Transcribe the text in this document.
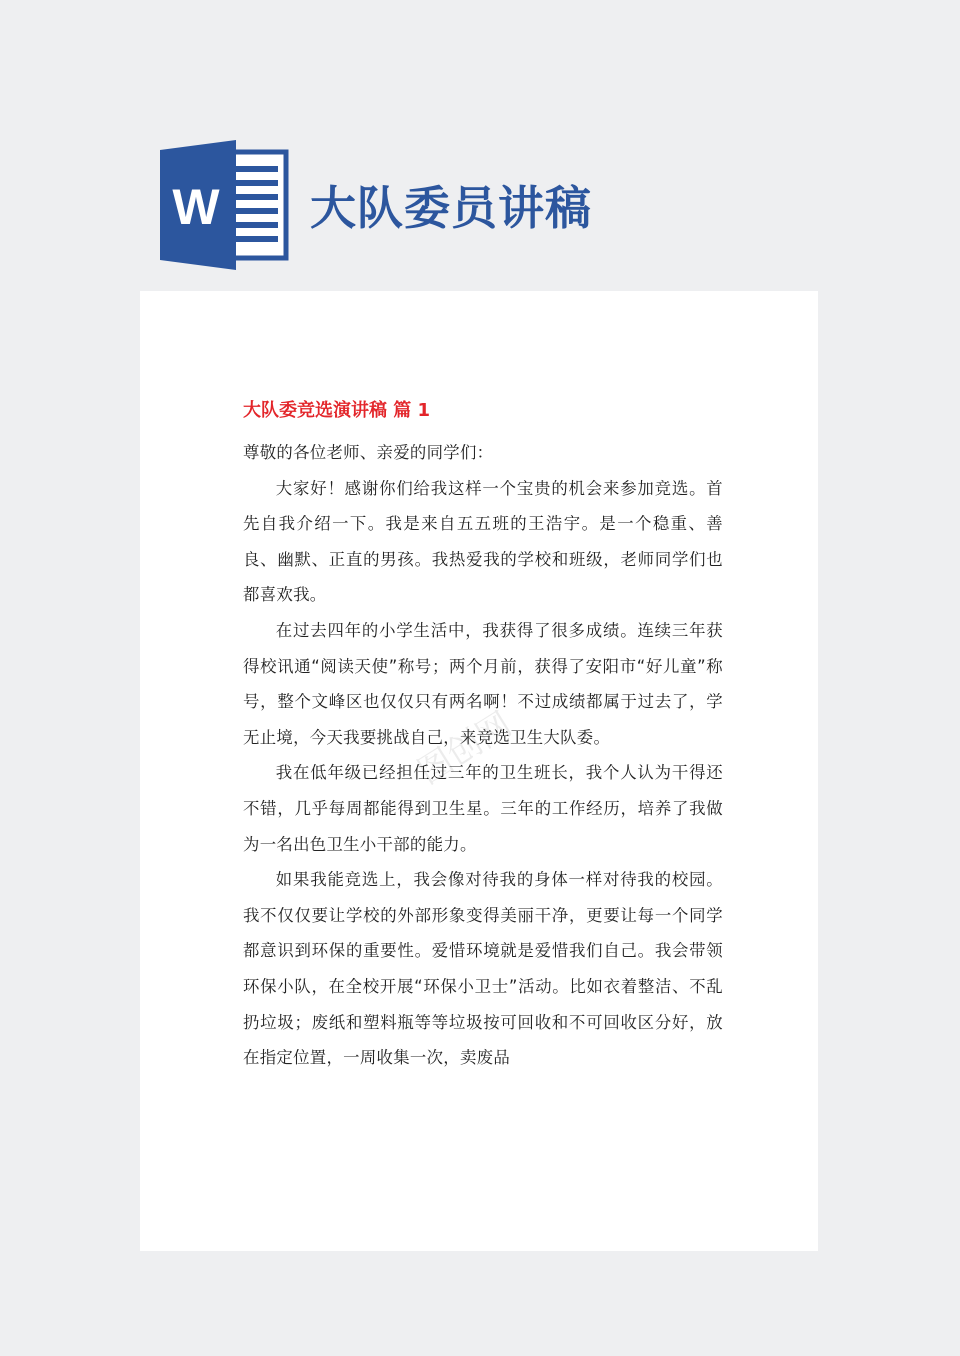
W 大队委员讲稿
图创网
大队委竞选演讲稿 篇 1

尊敬的各位老师、亲爱的同学们：

大家好！感谢你们给我这样一个宝贵的机会来参加竞选。首先自我介绍一下。我是来自五五班的王浩宇。是一个稳重、善良、幽默、正直的男孩。我热爱我的学校和班级，老师同学们也都喜欢我。

在过去四年的小学生活中，我获得了很多成绩。连续三年获得校讯通“阅读天使”称号；两个月前，获得了安阳市“好儿童”称号，整个文峰区也仅仅只有两名啊！不过成绩都属于过去了，学无止境，今天我要挑战自己，来竞选卫生大队委。

我在低年级已经担任过三年的卫生班长，我个人认为干得还不错，几乎每周都能得到卫生星。三年的工作经历，培养了我做为一名出色卫生小干部的能力。

如果我能竞选上，我会像对待我的身体一样对待我的校园。我不仅仅要让学校的外部形象变得美丽干净，更要让每一个同学都意识到环保的重要性。爱惜环境就是爱惜我们自己。我会带领环保小队，在全校开展“环保小卫士”活动。比如衣着整洁、不乱扔垃圾；废纸和塑料瓶等等垃圾按可回收和不可回收区分好，放在指定位置，一周收集一次，卖废品
